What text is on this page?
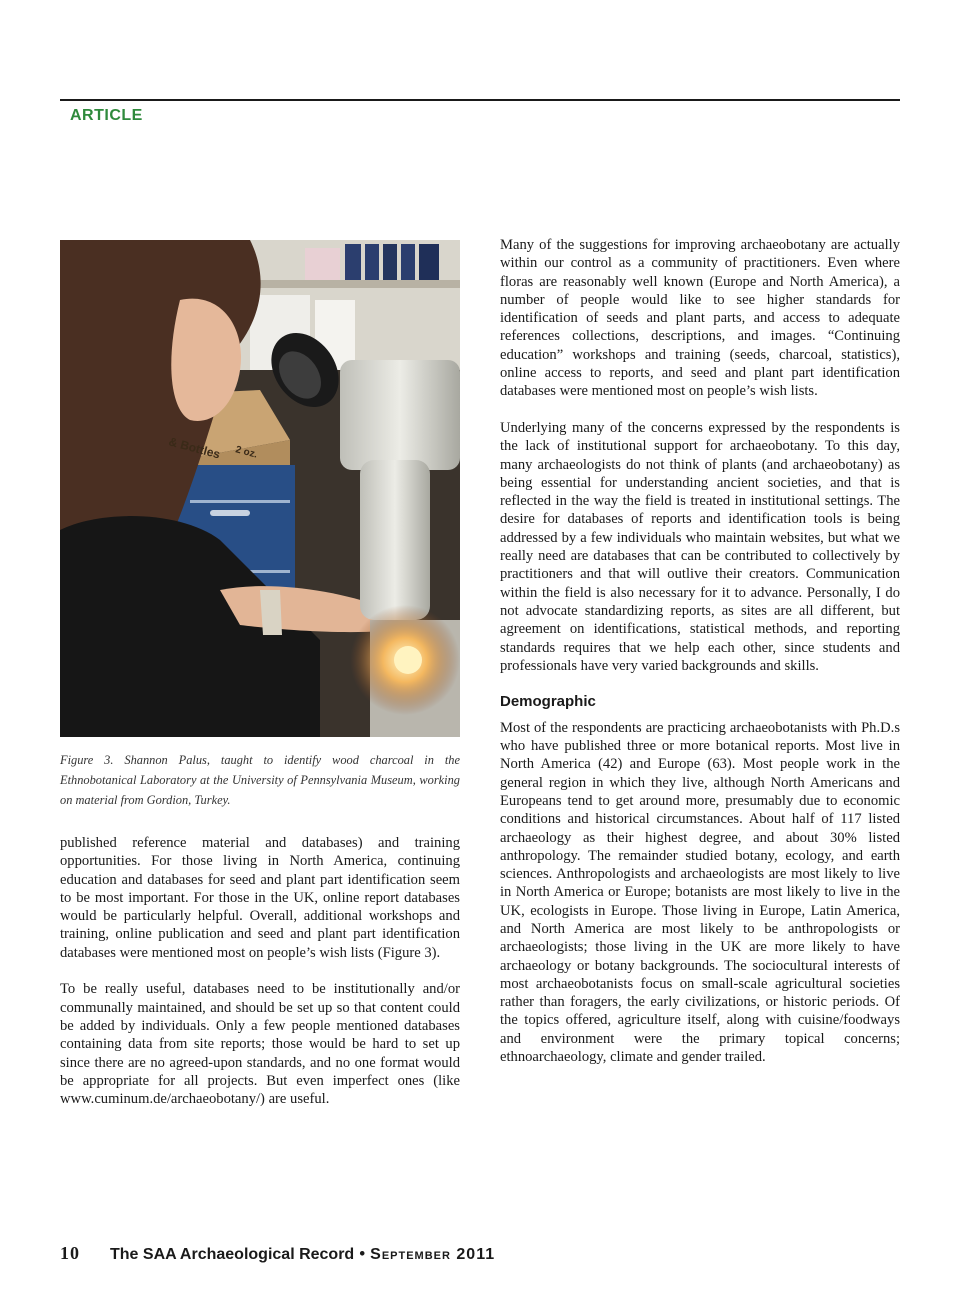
ARTICLE
& Bottles 2 oz.
Figure 3. Shannon Palus, taught to identify wood charcoal in the Ethnobotanical Laboratory at the University of Pennsylvania Museum, working on material from Gordion, Turkey.

published reference material and databases) and training opportunities. For those living in North America, continuing education and databases for seed and plant part identification seem to be most important. For those in the UK, online report databases would be particularly helpful. Overall, additional workshops and training, online publication and seed and plant part identification databases were mentioned most on people’s wish lists (Figure 3).

To be really useful, databases need to be institutionally and/or communally maintained, and should be set up so that content could be added by individuals. Only a few people mentioned databases containing data from site reports; those would be hard to set up since there are no agreed-upon standards, and no one format would be appropriate for all projects. But even imperfect ones (like www.cuminum.de/archaeobotany/) are useful.

Many of the suggestions for improving archaeobotany are actually within our control as a community of practitioners. Even where floras are reasonably well known (Europe and North America), a number of people would like to see higher standards for identification of seeds and plant parts, and access to adequate references collections, descriptions, and images. “Continuing education” workshops and training (seeds, charcoal, statistics), online access to reports, and seed and plant part identification databases were mentioned most on people’s wish lists.

Underlying many of the concerns expressed by the respondents is the lack of institutional support for archaeobotany. To this day, many archaeologists do not think of plants (and archaeobotany) as being essential for understanding ancient societies, and that is reflected in the way the field is treated in institutional settings. The desire for databases of reports and identification tools is being addressed by a few individuals who maintain websites, but what we really need are databases that can be contributed to collectively by practitioners and that will outlive their creators. Communication within the field is also necessary for it to advance. Personally, I do not advocate standardizing reports, as sites are all different, but agreement on identifications, statistical methods, and reporting standards requires that we help each other, since students and professionals have very varied backgrounds and skills.

Demographic

Most of the respondents are practicing archaeobotanists with Ph.D.s who have published three or more botanical reports. Most live in North America (42) and Europe (63). Most people work in the general region in which they live, although North Americans and Europeans tend to get around more, presumably due to economic conditions and historical circumstances. About half of 117 listed archaeology as their highest degree, and about 30% listed anthropology. The remainder studied botany, ecology, and earth sciences. Anthropologists and archaeologists are most likely to live in North America or Europe; botanists are most likely to live in the UK, ecologists in Europe. Those living in Europe, Latin America, and North America are most likely to be anthropologists or archaeologists; those living in the UK are more likely to have archaeology or botany backgrounds. The sociocultural interests of most archaeobotanists focus on small-scale agricultural societies rather than foragers, the early civilizations, or historic periods. Of the topics offered, agriculture itself, along with cuisine/foodways and environment were the primary topical concerns; ethnoarchaeology, climate and gender trailed.

10	The SAA Archaeological Record • September 2011
